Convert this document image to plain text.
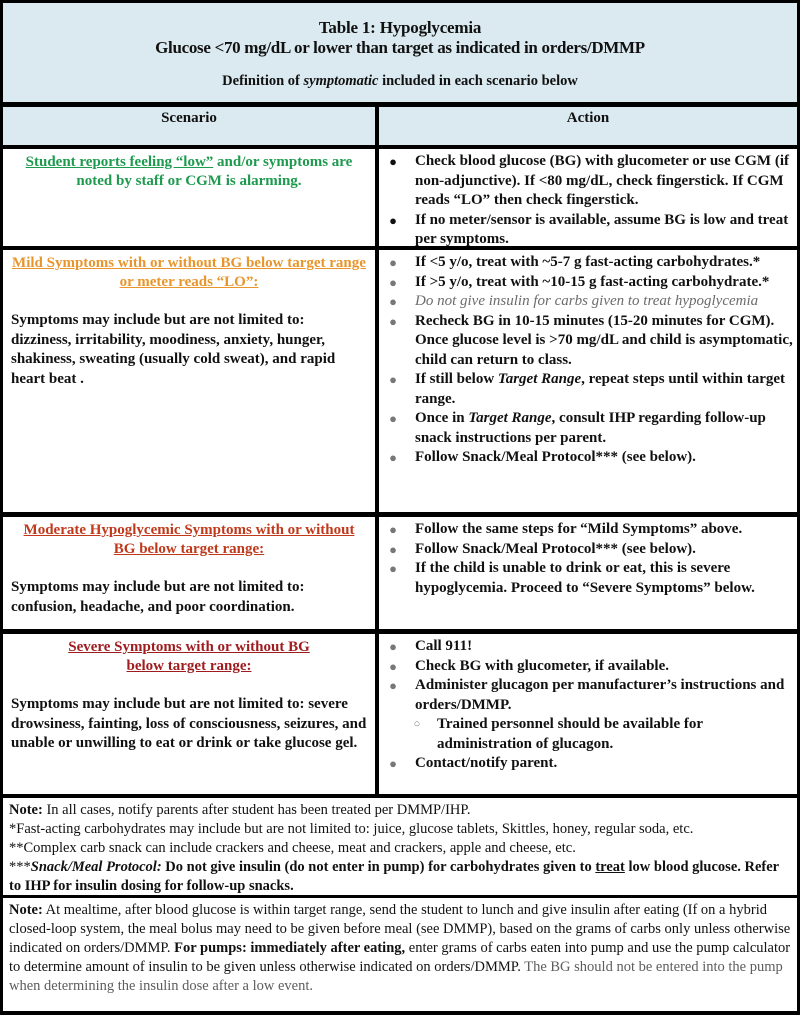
Table 1: Hypoglycemia
Glucose <70 mg/dL or lower than target as indicated in orders/DMMP
Definition of symptomatic included in each scenario below
Scenario	Action
Student reports feeling “low” and/or symptoms are noted by staff or CGM is alarming.
● Check blood glucose (BG) with glucometer or use CGM (if non-adjunctive). If <80 mg/dL, check fingerstick. If CGM reads “LO” then check fingerstick.
● If no meter/sensor is available, assume BG is low and treat per symptoms.
Mild Symptoms with or without BG below target range or meter reads “LO”:
Symptoms may include but are not limited to: dizziness, irritability, moodiness, anxiety, hunger, shakiness, sweating (usually cold sweat), and rapid heart beat .
● If <5 y/o, treat with ~5-7 g fast-acting carbohydrates.*
● If >5 y/o, treat with ~10-15 g fast-acting carbohydrate.*
● Do not give insulin for carbs given to treat hypoglycemia
● Recheck BG in 10-15 minutes (15-20 minutes for CGM). Once glucose level is >70 mg/dL and child is asymptomatic, child can return to class.
● If still below Target Range, repeat steps until within target range.
● Once in Target Range, consult IHP regarding follow-up snack instructions per parent.
● Follow Snack/Meal Protocol*** (see below).
Moderate Hypoglycemic Symptoms with or without BG below target range:
Symptoms may include but are not limited to: confusion, headache, and poor coordination.
● Follow the same steps for “Mild Symptoms” above.
● Follow Snack/Meal Protocol*** (see below).
● If the child is unable to drink or eat, this is severe hypoglycemia. Proceed to “Severe Symptoms” below.
Severe Symptoms with or without BG below target range:
Symptoms may include but are not limited to: severe drowsiness, fainting, loss of consciousness, seizures, and unable or unwilling to eat or drink or take glucose gel.
● Call 911!
● Check BG with glucometer, if available.
● Administer glucagon per manufacturer’s instructions and orders/DMMP.
○ Trained personnel should be available for administration of glucagon.
● Contact/notify parent.
Note: In all cases, notify parents after student has been treated per DMMP/IHP.
*Fast-acting carbohydrates may include but are not limited to: juice, glucose tablets, Skittles, honey, regular soda, etc.
**Complex carb snack can include crackers and cheese, meat and crackers, apple and cheese, etc.
***Snack/Meal Protocol: Do not give insulin (do not enter in pump) for carbohydrates given to treat low blood glucose. Refer to IHP for insulin dosing for follow-up snacks.
Note: At mealtime, after blood glucose is within target range, send the student to lunch and give insulin after eating (If on a hybrid closed-loop system, the meal bolus may need to be given before meal (see DMMP), based on the grams of carbs only unless otherwise indicated on orders/DMMP. For pumps: immediately after eating, enter grams of carbs eaten into pump and use the pump calculator to determine amount of insulin to be given unless otherwise indicated on orders/DMMP. The BG should not be entered into the pump when determining the insulin dose after a low event.
